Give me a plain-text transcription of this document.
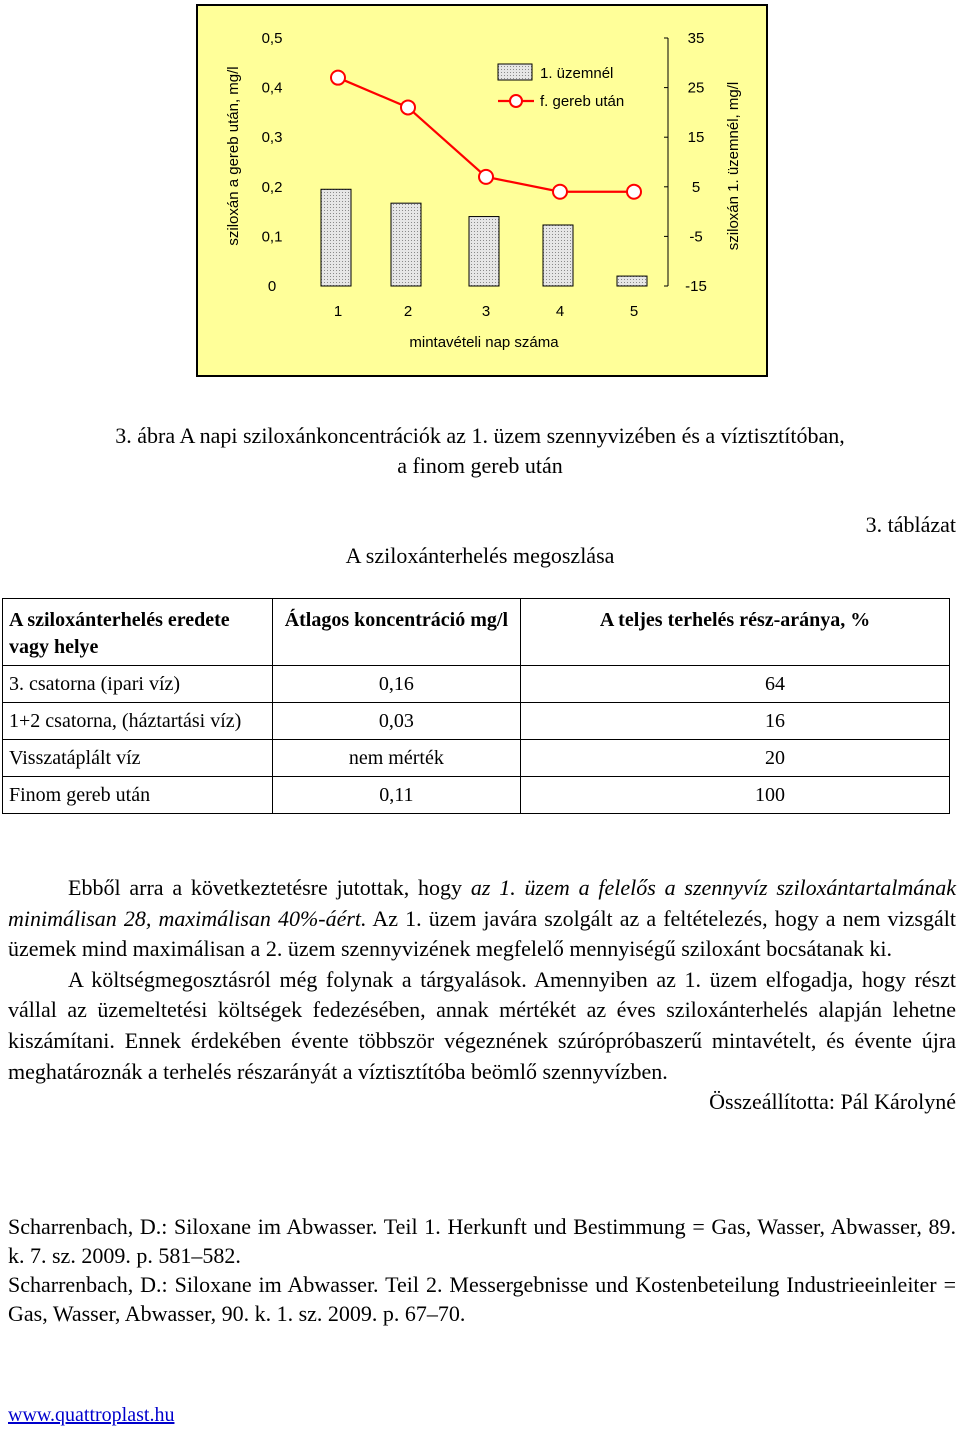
0,5
0,4
0,3
0,2
0,1
0
35
25
15
5
-5
-15
1	2	3	4	5
mintavételi nap száma
sziloxán a gereb után, mg/l	sziloxán 1. üzemnél, mg/l
1. üzemnél
f. gereb után
3. ábra A napi sziloxánkoncentrációk az 1. üzem szennyvizében és a víztisztítóban,
a finom gereb után
3. táblázat
A sziloxánterhelés megoszlása
A sziloxánterhelés eredete vagy helye	Átlagos koncentráció mg/l	A teljes terhelés rész-aránya, %
3. csatorna (ipari víz)	0,16	64
1+2 csatorna, (háztartási víz)	0,03	16
Visszatáplált víz	nem mérték	20
Finom gereb után	0,11	100

Ebből arra a következtetésre jutottak, hogy az 1. üzem a felelős a szennyvíz sziloxántartalmának minimálisan 28, maximálisan 40%-áért. Az 1. üzem javára szolgált az a feltételezés, hogy a nem vizsgált üzemek mind maximálisan a 2. üzem szennyvizének megfelelő mennyiségű sziloxánt bocsátanak ki.

A költségmegosztásról még folynak a tárgyalások. Amennyiben az 1. üzem elfogadja, hogy részt vállal az üzemeltetési költségek fedezésében, annak mértékét az éves sziloxánterhelés alapján lehetne kiszámítani. Ennek érdekében évente többször végeznének szúrópróbaszerű mintavételt, és évente újra meghatároznák a terhelés részarányát a víztisztítóba beömlő szennyvízben.

Összeállította: Pál Károlyné

Scharrenbach, D.: Siloxane im Abwasser. Teil 1. Herkunft und Bestimmung = Gas, Wasser, Abwasser, 89. k. 7. sz. 2009. p. 581–582.

Scharrenbach, D.: Siloxane im Abwasser. Teil 2. Messergebnisse und Kostenbeteilung Industrieeinleiter = Gas, Wasser, Abwasser, 90. k. 1. sz. 2009. p. 67–70.

www.quattroplast.hu
